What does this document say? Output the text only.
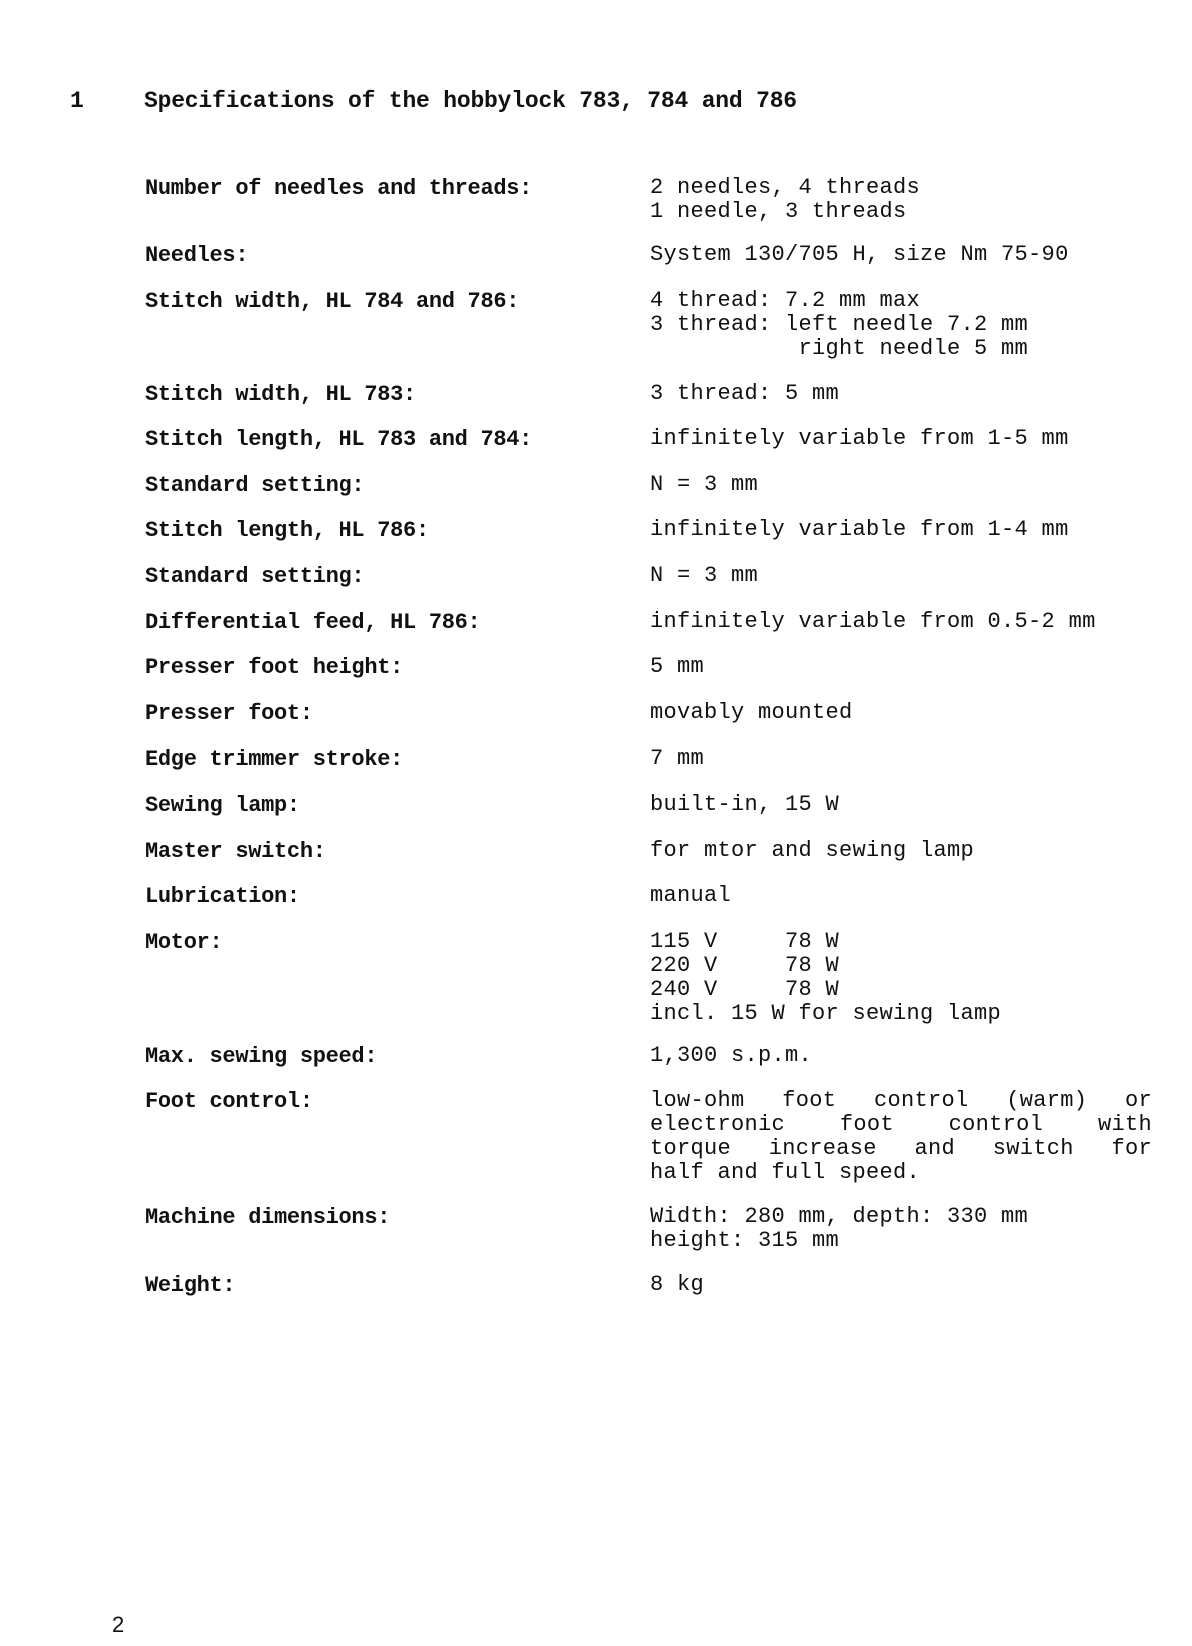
1

	Specifications of the hobbylock 783, 784 and 786

Number of needles and threads:	2 needles, 4 threads
1 needle, 3 threads
Needles:	System 130/705 H, size Nm 75-90
Stitch width, HL 784 and 786:	4 thread: 7.2 mm max
3 thread: left needle 7.2 mm
right needle 5 mm
Stitch width, HL 783:	3 thread: 5 mm
Stitch length, HL 783 and 784:	infinitely variable from 1-5 mm
Standard setting:	N = 3 mm
Stitch length, HL 786:	infinitely variable from 1-4 mm
Standard setting:	N = 3 mm
Differential feed, HL 786:	infinitely variable from 0.5-2 mm
Presser foot height:	5 mm
Presser foot:	movably mounted
Edge trimmer stroke:	7 mm
Sewing lamp:	built-in, 15 W
Master switch:	for mtor and sewing lamp
Lubrication:	manual
Motor:	115 V     78 W
220 V     78 W
240 V     78 W
incl. 15 W for sewing lamp
Max. sewing speed:	1,300 s.p.m.
Foot control:	low-ohm foot control (warm) or
electronic foot control with
torque increase and switch for
half and full speed.
Machine dimensions:	Width: 280 mm, depth: 330 mm
height: 315 mm
Weight:	8 kg
2
